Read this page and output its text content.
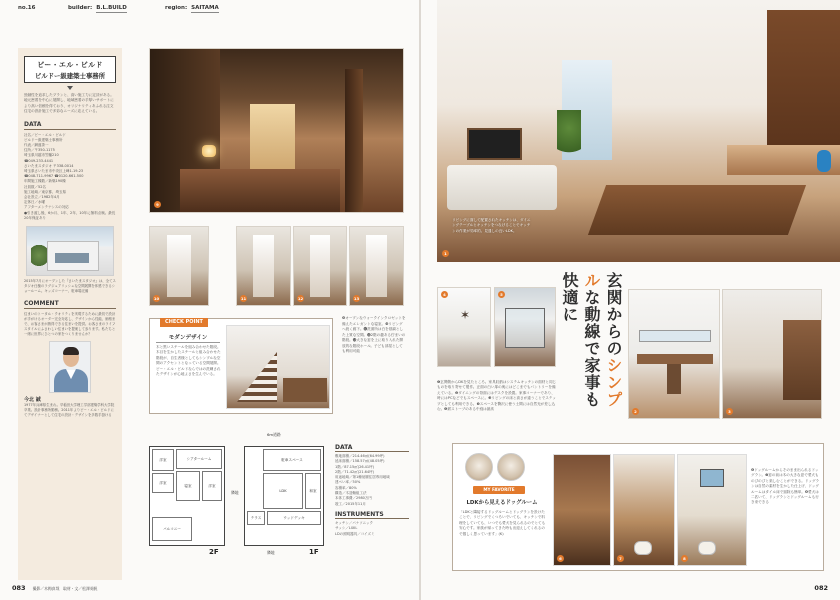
no.16	builder: B.L.BUILD	region: SAITAMA
ビー・エル・ビルド
ビルドー級建築士事務所
独創性を追求したプランと、高い施工力に定評がある。地元密着を中心に展開し、地域密着の手厚いサポートにより高い信頼を得ており、オリジナリティあふれる注文住宅の設計施工で多彩なニーズに応えている。
DATA
社名／ビー・エル・ビルド
ビルドー級建築士事務所
代表／網盛茶一
住所／〒350-1175
埼玉県川越市笠幡210
☎049-233-4441
さいたまスタジオ 〒338-0014
埼玉県さいたま市中央区上峰1-19-23
☎048-711-9967 ☎0120-661-500
年間施工棟数／新築190棟
社員数／52名
施工地域／東京都、埼玉県
会社設立／1982年4月
定休日／水曜
アフターメンテナンスの対応
●引き渡し後、6か月、1年、2年、10年に無料点検。最長20年保証あり
2015年7月にオープンした『さいたまスタジオ』は、全てスタジオ仕様のラグジュアリッシュな空間展開を体感できるショールーム。キッズコーナー、駐車場完備
COMMENT
住まいのトータル・クオリティを実現するために最初で設計が手がけるオーダー完全対応し、デザインから性能、価格まで、お客さまが納得できる住まいを提供。お客さまのライフスタイルにふさわしい住まいを提案して参ります。私たちと一緒に世界にひとつの家をつくりませんか？
今北 誠
1977年兵庫県生まれ。早稲田大学理工学部建築学科大学院卒業。設計事務所勤務。2011年よりビー・エル・ビルドにてデザイナーとして住宅の設計・デザインを多数手掛ける
9
10	11	12	13
CHECK POINT
モダンデザイン
木と黒いスチールを組み合わせた階段。木目を生かしたスチールと組み合わせた階段が、自生者様としてもシンプルな空間のアクセントとなっている空間展開。ビー・エル・ビルドならではの洗練されたデザインが心地よさを生んでいる。
❾オープンなウォークインクロゼットを備えたエレガントな寝室。❿リビングへ続く廊下。⓫洗面所は白を基調とした上質な空間。⓬2階の趣ある佇まいの階段。⓭大きな窓を上に取り入れた開放的な階段ホール。子ども部屋としても利用可能
6m道路
洋室
洋室
シアタールーム
寝室	洋室
バルコニー
2F
駐車スペース
LDK
テラス
和室
ウッドデッキ
隣地
隣地	1F
DATA
敷地面積／214.46㎡(64.99坪)
延床面積／158.57㎡(48.05坪)
1階／87.15㎡(26.41坪)
2階／71.42㎡(21.64坪)
用途地域／第1種低層住居専用地域
建ぺい率／50%
容積率／80%
構造／木造軸組工法
本体工事費／2980万円
竣工／2015年11月
INSTRUMENTS
キッチン／パナソニック
サッシ／LIXIL
LDの照明器具／コイズミ
083 撮影／木梅真哉　取材・文／松澤英帆
リビングに面して配置されたキッチンは、ダイニングテーブルとキッチンをつなげることでキッチンの作業が効率的。見通しの良いLDK。
玄関からのシンプルな動線で家事も快適に
✶
4	5
❶玄関側からDKを見たところ。家具収納はシステムキッチンの面材と同じものを取り寄せて製作。正面の白い扉の奥にはどこまでもパントリーを備えている。❷ダイニングの背面にはデスクを設置。家事コーナーであり、時にはPCなどでもスペースに。❸リビングの床と高さが違うことでステップとしても利用できる。❹スペースを贅沢に使う土間には自然光が差し込む。❺薪ストーブのある中庭は最高	2	3
MY FAVORITE
LDKから見えるドッグルーム
「LDKと隣接するドッグルームとドッグランを設けたことで、リビングでくつろいでいても、キッチンで料理をしていても、いつでも愛犬を見られるのでとても安心です。家族が帰ってきた時も出迎えしてくれるので嬉しく思っています」(K)
6	7	8
❻ドッグルームからそのまま出られるドッグラン。❼窓の前は木の大きな窓で愛犬ものびのびと楽しむことができる。ドッグランは自然の素材を生かした仕上げ、ドッグルームはタイル床で掃除も簡単。❽愛犬は二匹いて、ドッグランとドッグルームも行き来できる
082
1
